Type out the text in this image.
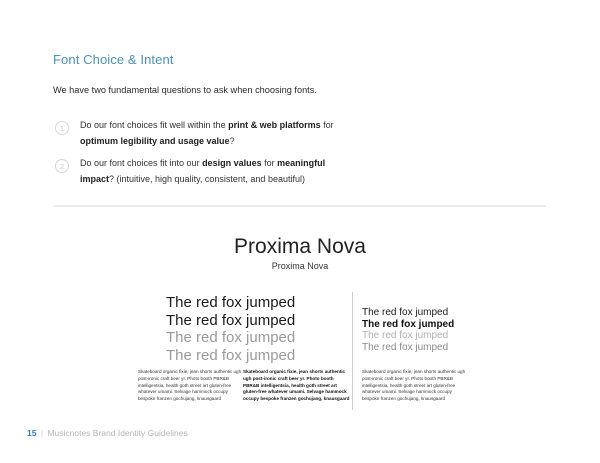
Font Choice & Intent
We have two fundamental questions to ask when choosing fonts.
1	Do our font choices fit well within the print & web platforms for optimum legibility and usage value?
2	Do our font choices fit into our design values for meaningful impact? (intuitive, high quality, consistent, and beautiful)
Proxima Nova
Proxima Nova
The red fox jumped
The red fox jumped
The red fox jumped
The red fox jumped
The red fox jumped
The red fox jumped
The red fox jumped
The red fox jumped
Skateboard organic fixie, jean shorts authentic ugh post-ironic craft beer yr. Photo booth PBR&B intelligentsia, health goth street art gluten-free whatever umami. Selvage hammock occupy bespoke franzen gochujang, knausgaard
Skateboard organic fixie, jean shorts authentic ugh post-ironic craft beer yr. Photo booth PBR&B intelligentsia, health goth street art gluten-free whatever umami. Selvage hammock occupy bespoke franzen gochujang, knausgaard
Skateboard organic fixie, jean shorts authentic ugh post-ironic craft beer yr. Photo booth PBR&B intelligentsia, health goth street art gluten-free whatever umami. Selvage hammock occupy bespoke franzen gochujang, knausgaard
15 | Musicnotes Brand Identity Guidelines
